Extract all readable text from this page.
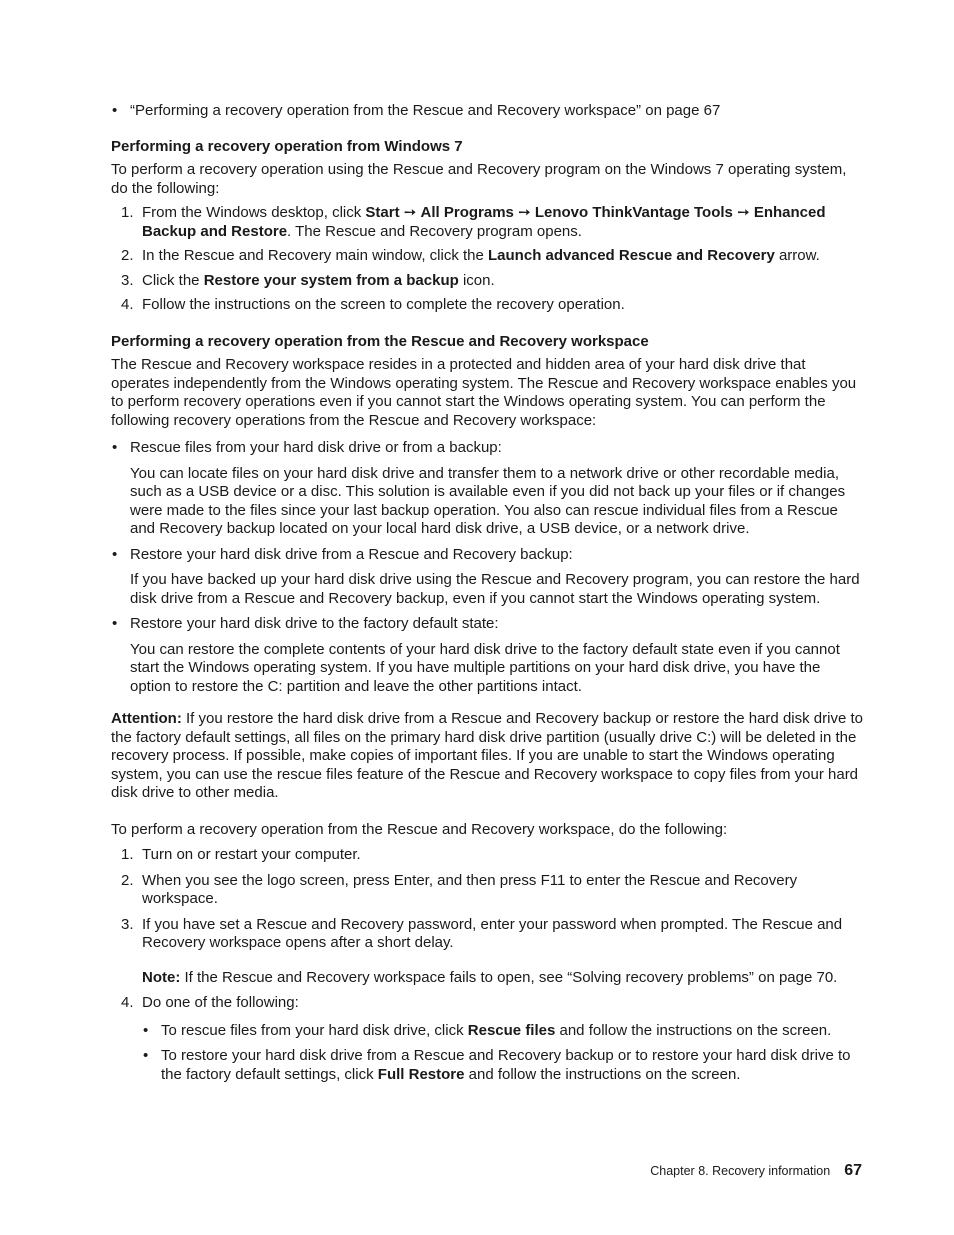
• “Performing a recovery operation from the Rescue and Recovery workspace” on page 67

Performing a recovery operation from Windows 7

To perform a recovery operation using the Rescue and Recovery program on the Windows 7 operating system, do the following:

1. From the Windows desktop, click Start ➙ All Programs ➙ Lenovo ThinkVantage Tools ➙ Enhanced Backup and Restore. The Rescue and Recovery program opens.
2. In the Rescue and Recovery main window, click the Launch advanced Rescue and Recovery arrow.
3. Click the Restore your system from a backup icon.
4. Follow the instructions on the screen to complete the recovery operation.
Performing a recovery operation from the Rescue and Recovery workspace

The Rescue and Recovery workspace resides in a protected and hidden area of your hard disk drive that operates independently from the Windows operating system. The Rescue and Recovery workspace enables you to perform recovery operations even if you cannot start the Windows operating system. You can perform the following recovery operations from the Rescue and Recovery workspace:

• Rescue files from your hard disk drive or from a backup:

You can locate files on your hard disk drive and transfer them to a network drive or other recordable media, such as a USB device or a disc. This solution is available even if you did not back up your files or if changes were made to the files since your last backup operation. You also can rescue individual files from a Rescue and Recovery backup located on your local hard disk drive, a USB device, or a network drive.

• Restore your hard disk drive from a Rescue and Recovery backup:

If you have backed up your hard disk drive using the Rescue and Recovery program, you can restore the hard disk drive from a Rescue and Recovery backup, even if you cannot start the Windows operating system.

• Restore your hard disk drive to the factory default state:

You can restore the complete contents of your hard disk drive to the factory default state even if you cannot start the Windows operating system. If you have multiple partitions on your hard disk drive, you have the option to restore the C: partition and leave the other partitions intact.

Attention: If you restore the hard disk drive from a Rescue and Recovery backup or restore the hard disk drive to the factory default settings, all files on the primary hard disk drive partition (usually drive C:) will be deleted in the recovery process. If possible, make copies of important files. If you are unable to start the Windows operating system, you can use the rescue files feature of the Rescue and Recovery workspace to copy files from your hard disk drive to other media.

To perform a recovery operation from the Rescue and Recovery workspace, do the following:

1. Turn on or restart your computer.
2. When you see the logo screen, press Enter, and then press F11 to enter the Rescue and Recovery workspace.
3. If you have set a Rescue and Recovery password, enter your password when prompted. The Rescue and Recovery workspace opens after a short delay.

Note: If the Rescue and Recovery workspace fails to open, see “Solving recovery problems” on page 70.

4. Do one of the following:

• To rescue files from your hard disk drive, click Rescue files and follow the instructions on the screen.

• To restore your hard disk drive from a Rescue and Recovery backup or to restore your hard disk drive to the factory default settings, click Full Restore and follow the instructions on the screen.

Chapter 8. Recovery information 67
